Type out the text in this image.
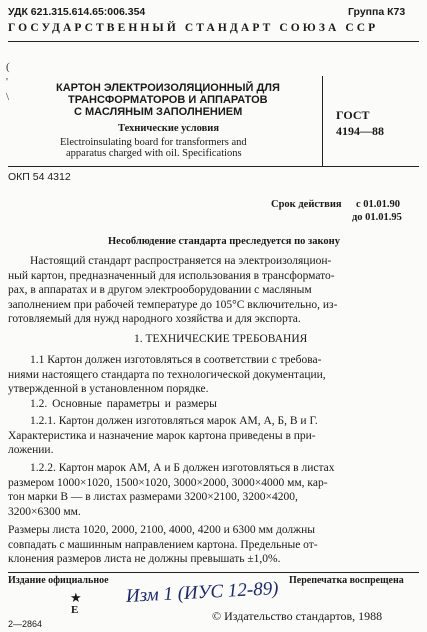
УДК 621.315.614.65:006.354	Группа К73
ГОСУДАРСТВЕННЫЙ СТАНДАРТ СОЮЗА ССР
(
'
\
КАРТОН ЭЛЕКТРОИЗОЛЯЦИОННЫЙ ДЛЯ
ТРАНСФОРМАТОРОВ И АППАРАТОВ
С МАСЛЯНЫМ ЗАПОЛНЕНИЕМ
Технические условия
Electroinsulating board for transformers and
apparatus charged with oil. Specifications
ГОСТ
4194—88
ОКП 54 4312
Срок действия с 01.01.90
до 01.01.95
Несоблюдение стандарта преследуется по закону
Настоящий стандарт распространяется на электроизоляцион-
ный картон, предназначенный для использования в трансформато-
рах, в аппаратах и в другом электрооборудовании с масляным
заполнением при рабочей температуре до 105°С включительно, из-
готовляемый для нужд народного хозяйства и для экспорта.
1. ТЕХНИЧЕСКИЕ ТРЕБОВАНИЯ
1.1 Картон должен изготовляться в соответствии с требова-
ниями настоящего стандарта по технологической документации,
утвержденной в установленном порядке.
1.2. Основные параметры и размеры
1.2.1. Картон должен изготовляться марок АМ, А, Б, В и Г.
Характеристика и назначение марок картона приведены в при-
ложении.
1.2.2. Картон марок АМ, А и Б должен изготовляться в листах
размером 1000×1020, 1500×1020, 3000×2000, 3000×4000 мм, кар-
тон марки В — в листах размерами 3200×2100, 3200×4200,
3200×6300 мм.
Размеры листа 1020, 2000, 2100, 4000, 4200 и 6300 мм должны
совпадать с машинным направлением картона. Предельные от-
клонения размеров листа не должны превышать ±1,0%.
Издание официальное	Перепечатка воспрещена
★
Е
Изм 1 (ИУС 12-89)
© Издательство стандартов, 1988
2—2864
